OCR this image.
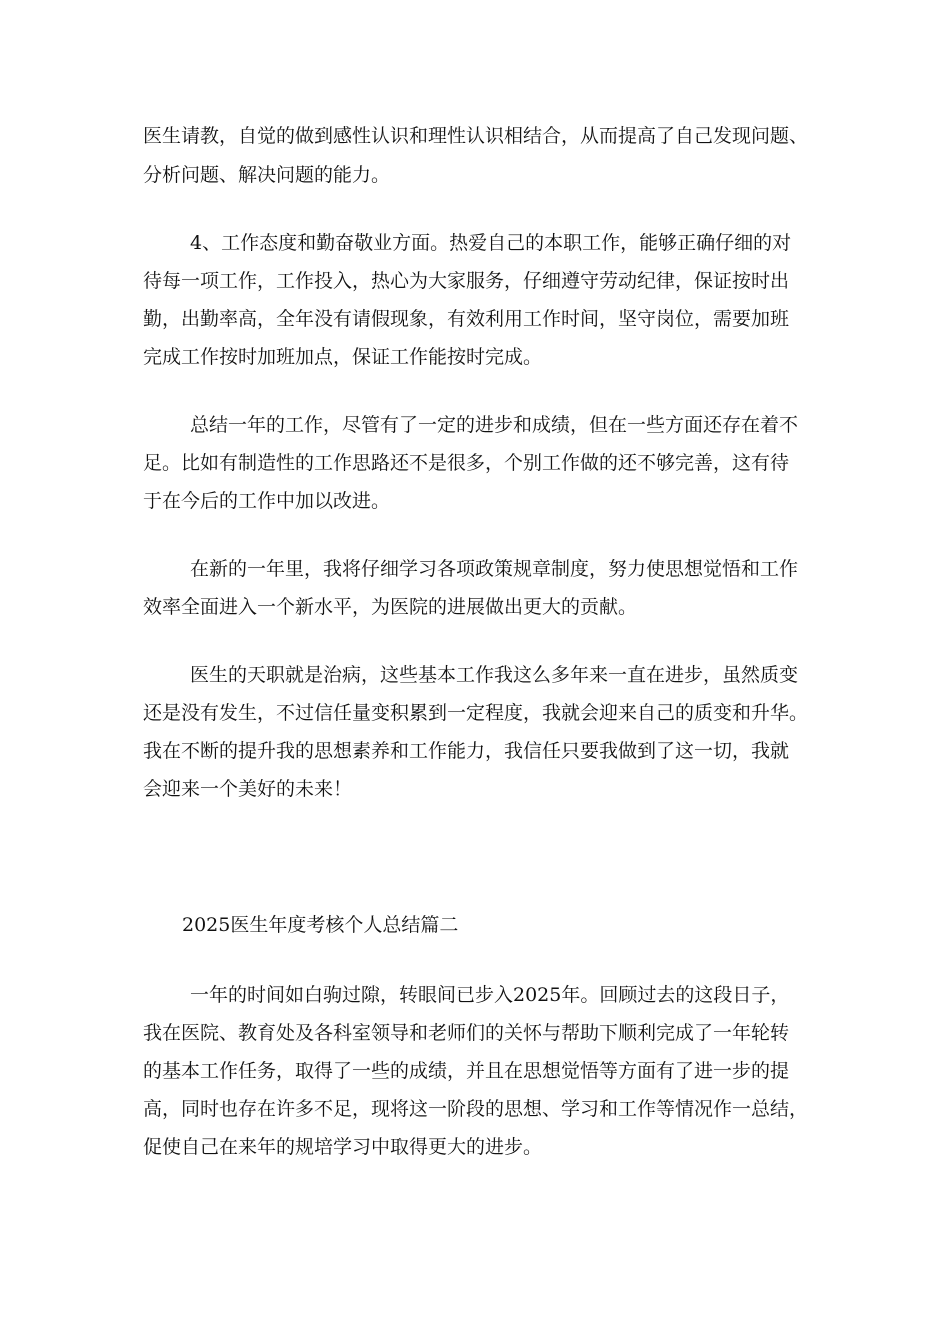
医生请教，自觉的做到感性认识和理性认识相结合，从而提高了自己发现问题、
分析问题、解决问题的能力。
4、工作态度和勤奋敬业方面。热爱自己的本职工作，能够正确仔细的对
待每一项工作，工作投入，热心为大家服务，仔细遵守劳动纪律，保证按时出
勤，出勤率高，全年没有请假现象，有效利用工作时间，坚守岗位，需要加班
完成工作按时加班加点，保证工作能按时完成。
总结一年的工作，尽管有了一定的进步和成绩，但在一些方面还存在着不
足。比如有制造性的工作思路还不是很多，个别工作做的还不够完善，这有待
于在今后的工作中加以改进。
在新的一年里，我将仔细学习各项政策规章制度，努力使思想觉悟和工作
效率全面进入一个新水平，为医院的进展做出更大的贡献。
医生的天职就是治病，这些基本工作我这么多年来一直在进步，虽然质变
还是没有发生，不过信任量变积累到一定程度，我就会迎来自己的质变和升华。
我在不断的提升我的思想素养和工作能力，我信任只要我做到了这一切，我就
会迎来一个美好的未来！
2025医生年度考核个人总结篇二
一年的时间如白驹过隙，转眼间已步入2025年。回顾过去的这段日子，
我在医院、教育处及各科室领导和老师们的关怀与帮助下顺利完成了一年轮转
的基本工作任务，取得了一些的成绩，并且在思想觉悟等方面有了进一步的提
高，同时也存在许多不足，现将这一阶段的思想、学习和工作等情况作一总结，
促使自己在来年的规培学习中取得更大的进步。
